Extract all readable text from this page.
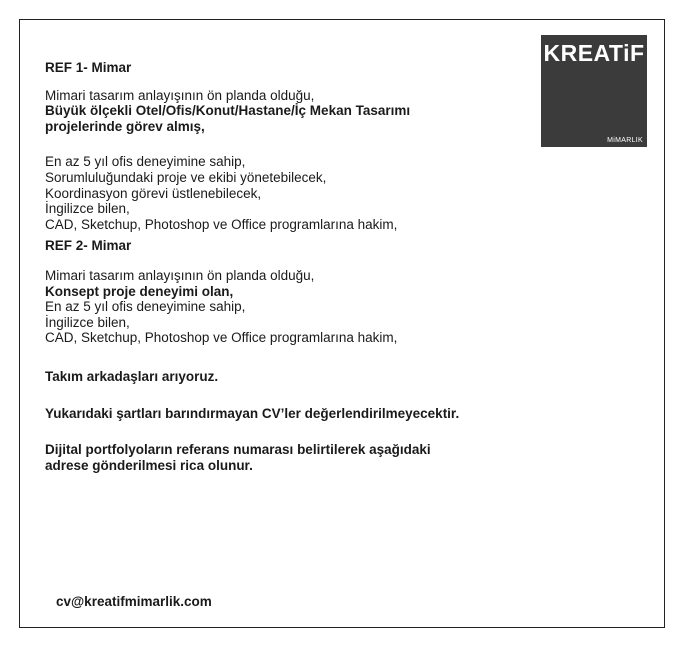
KREATiF
MiMARLIK

REF 1- Mimar

Mimari tasarım anlayışının ön planda olduğu,

Büyük ölçekli Otel/Ofis/Konut/Hastane/İç Mekan Tasarımı

projelerinde görev almış,

En az 5 yıl ofis deneyimine sahip,

Sorumluluğundaki proje ve ekibi yönetebilecek,

Koordinasyon görevi üstlenebilecek,

İngilizce bilen,

CAD, Sketchup, Photoshop ve Office programlarına hakim,

REF 2- Mimar

Mimari tasarım anlayışının ön planda olduğu,

Konsept proje deneyimi olan,

En az 5 yıl ofis deneyimine sahip,

İngilizce bilen,

CAD, Sketchup, Photoshop ve Office programlarına hakim,

Takım arkadaşları arıyoruz.

Yukarıdaki şartları barındırmayan CV’ler değerlendirilmeyecektir.

Dijital portfolyoların referans numarası belirtilerek aşağıdaki

adrese gönderilmesi rica olunur.

cv@kreatifmimarlik.com
